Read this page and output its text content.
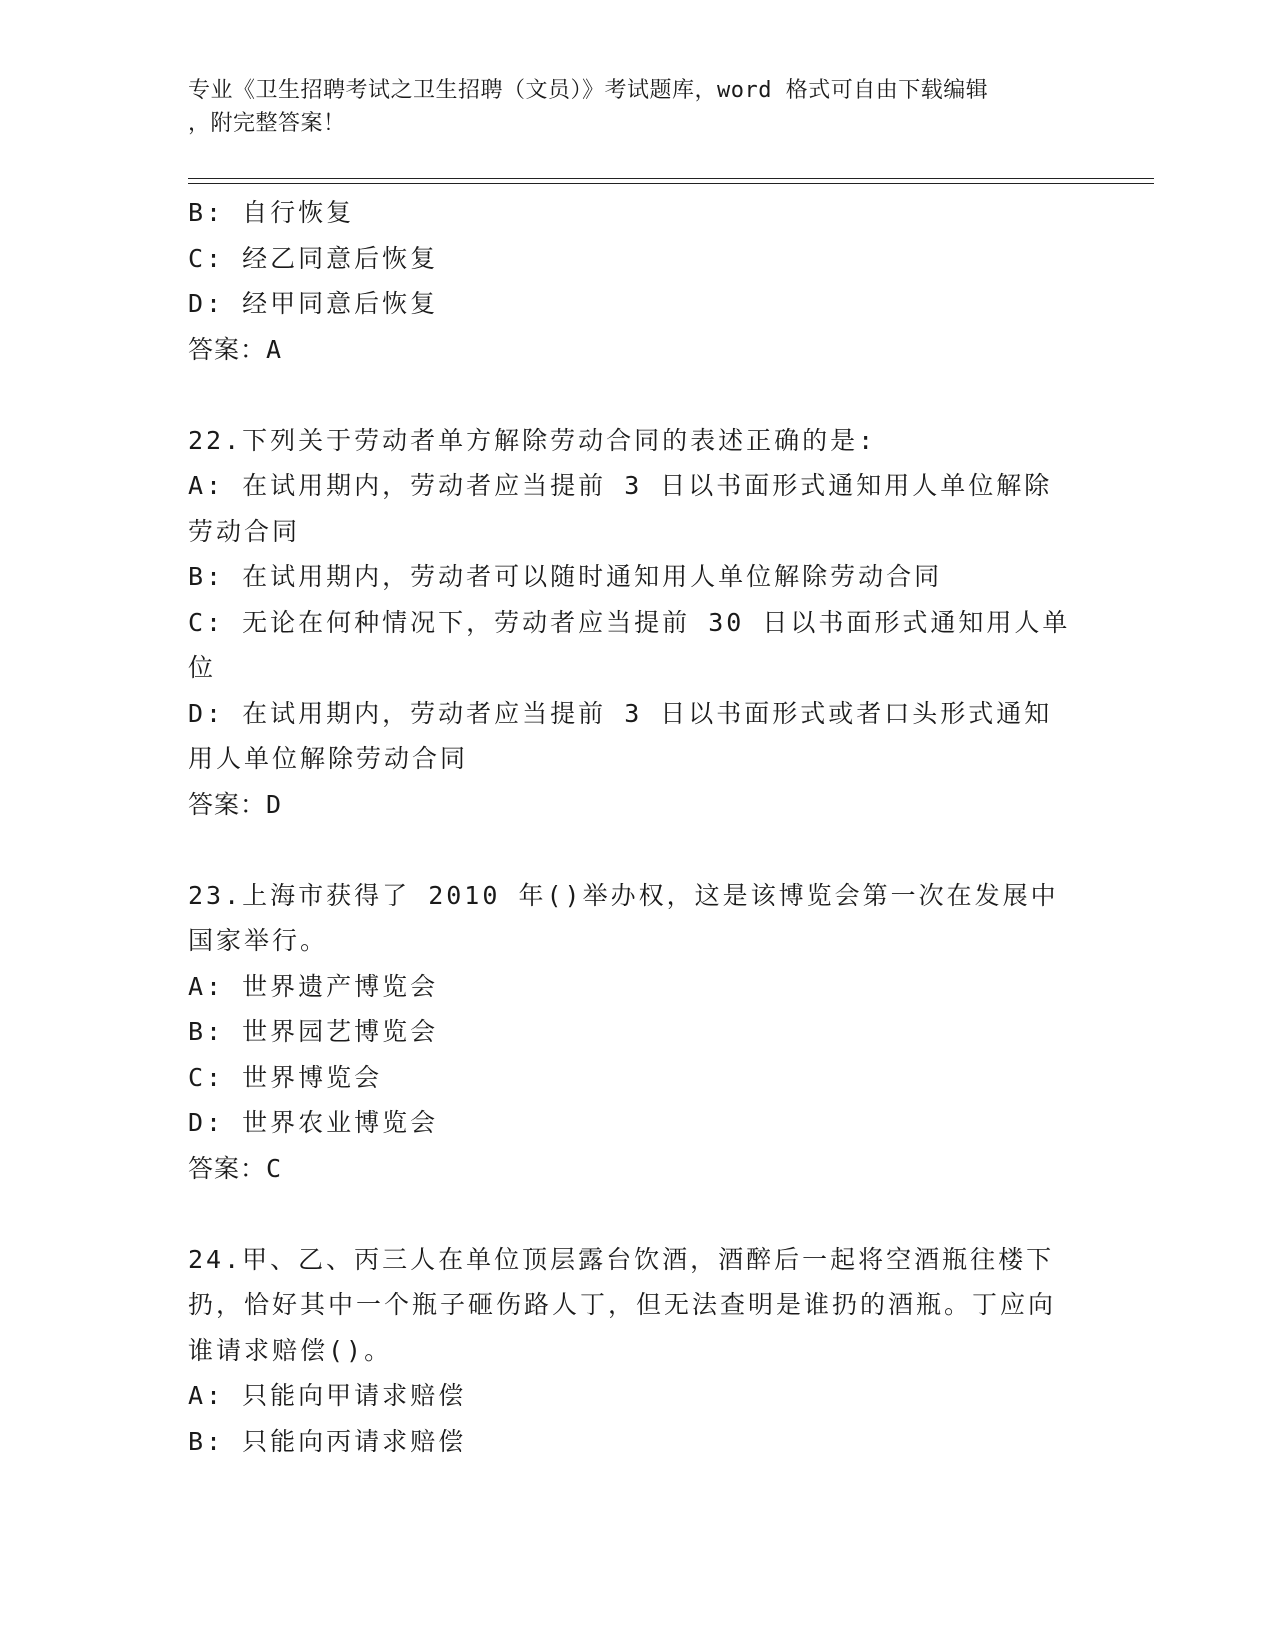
专业《卫生招聘考试之卫生招聘（文员）》考试题库，word 格式可自由下载编辑
，附完整答案！
B: 自行恢复
C: 经乙同意后恢复
D: 经甲同意后恢复
答案：A
22.下列关于劳动者单方解除劳动合同的表述正确的是:
A: 在试用期内，劳动者应当提前 3 日以书面形式通知用人单位解除劳动合同
B: 在试用期内，劳动者可以随时通知用人单位解除劳动合同
C: 无论在何种情况下，劳动者应当提前 30 日以书面形式通知用人单位
D: 在试用期内，劳动者应当提前 3 日以书面形式或者口头形式通知用人单位解除劳动合同
答案：D
23.上海市获得了 2010 年()举办权，这是该博览会第一次在发展中国家举行。
A: 世界遗产博览会
B: 世界园艺博览会
C: 世界博览会
D: 世界农业博览会
答案：C
24.甲、乙、丙三人在单位顶层露台饮酒，酒醉后一起将空酒瓶往楼下扔，恰好其中一个瓶子砸伤路人丁，但无法查明是谁扔的酒瓶。丁应向谁请求赔偿()。
A: 只能向甲请求赔偿
B: 只能向丙请求赔偿
